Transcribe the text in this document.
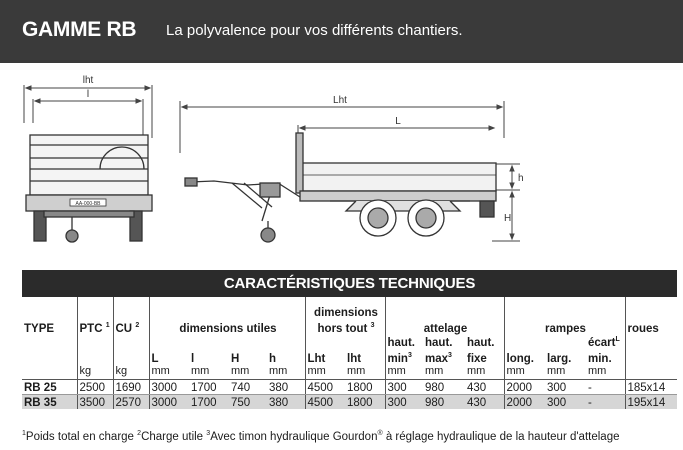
GAMME RB La polyvalence pour vos différents chantiers.
lht
l
AA-000-BB
Lht
L
h
H
CARACTÉRISTIQUES TECHNIQUES
							dimensions								
TYPE	PTC $^1$	CU $^2$	dimensions utiles				hors tout $^3$		attelage			rampes			roues
									haut.	haut.	haut.			écart$^L$	
			L	l	H	h	Lht	lht	$\min^3$	$\max^3$	fixe	long.	larg.	min.	
	kg	kg	mm	mm	mm	mm	mm	mm	mm	mm	mm	mm	mm	mm	
RB 25	2500	1690	3000	1700	740	380	4500	1800	300	980	430	2000	300	-	185x14
RB 35	3500	2570	3000	1700	750	380	4500	1800	300	980	430	2000	300	-	195x14
$^1$Poids total en charge $^2$Charge utile $^3$Avec timon hydraulique Gourdon® à réglage hydraulique de la hauteur d'attelage
